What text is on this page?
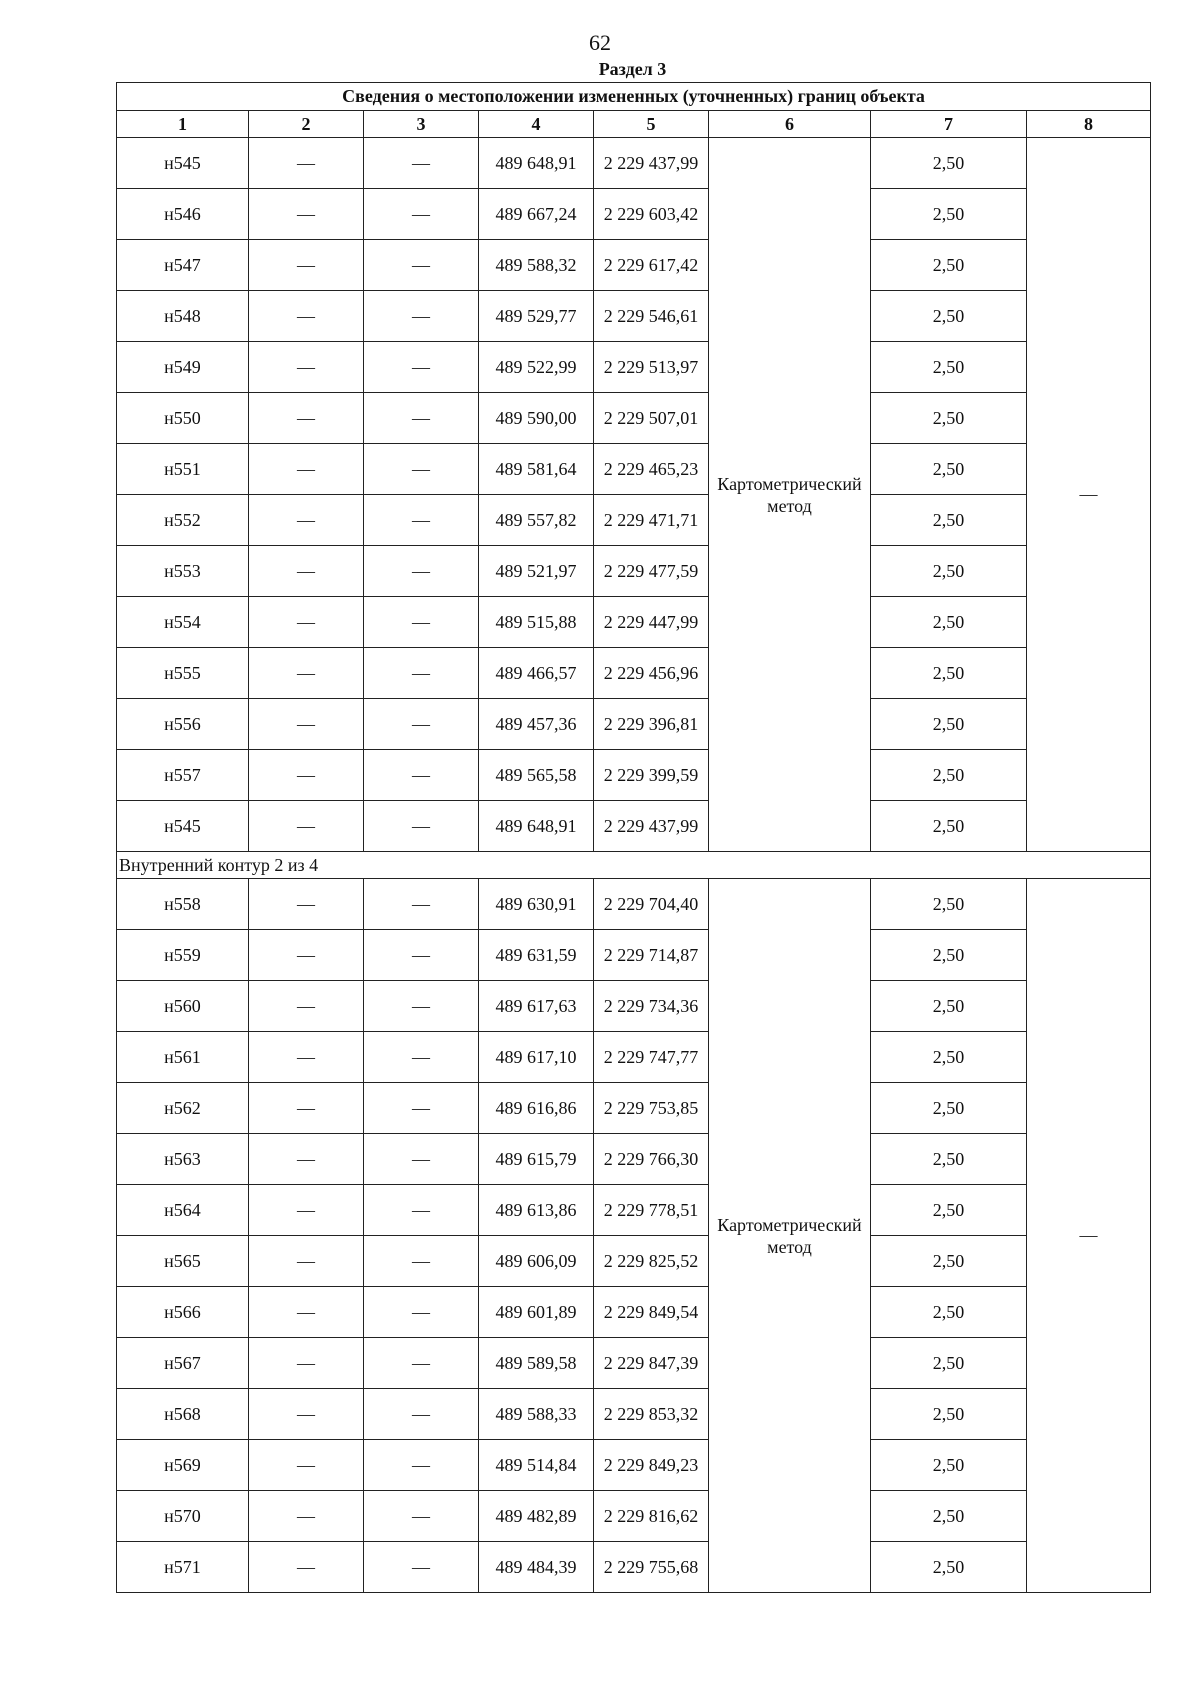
62
Раздел 3
Сведения о местоположении измененных (уточненных) границ объекта							
1	2	3	4	5	6	7	8
н545	—	—	489 648,91	2 229 437,99	Картометрический метод	2,50	—
н546	—	—	489 667,24	2 229 603,42		2,50	
н547	—	—	489 588,32	2 229 617,42		2,50	
н548	—	—	489 529,77	2 229 546,61		2,50	
н549	—	—	489 522,99	2 229 513,97		2,50	
н550	—	—	489 590,00	2 229 507,01		2,50	
н551	—	—	489 581,64	2 229 465,23		2,50	
н552	—	—	489 557,82	2 229 471,71		2,50	
н553	—	—	489 521,97	2 229 477,59		2,50	
н554	—	—	489 515,88	2 229 447,99		2,50	
н555	—	—	489 466,57	2 229 456,96		2,50	
н556	—	—	489 457,36	2 229 396,81		2,50	
н557	—	—	489 565,58	2 229 399,59		2,50	
н545	—	—	489 648,91	2 229 437,99		2,50	
Внутренний контур 2 из 4							
н558	—	—	489 630,91	2 229 704,40	Картометрический метод	2,50	—
н559	—	—	489 631,59	2 229 714,87		2,50	
н560	—	—	489 617,63	2 229 734,36		2,50	
н561	—	—	489 617,10	2 229 747,77		2,50	
н562	—	—	489 616,86	2 229 753,85		2,50	
н563	—	—	489 615,79	2 229 766,30		2,50	
н564	—	—	489 613,86	2 229 778,51		2,50	
н565	—	—	489 606,09	2 229 825,52		2,50	
н566	—	—	489 601,89	2 229 849,54		2,50	
н567	—	—	489 589,58	2 229 847,39		2,50	
н568	—	—	489 588,33	2 229 853,32		2,50	
н569	—	—	489 514,84	2 229 849,23		2,50	
н570	—	—	489 482,89	2 229 816,62		2,50	
н571	—	—	489 484,39	2 229 755,68		2,50	
